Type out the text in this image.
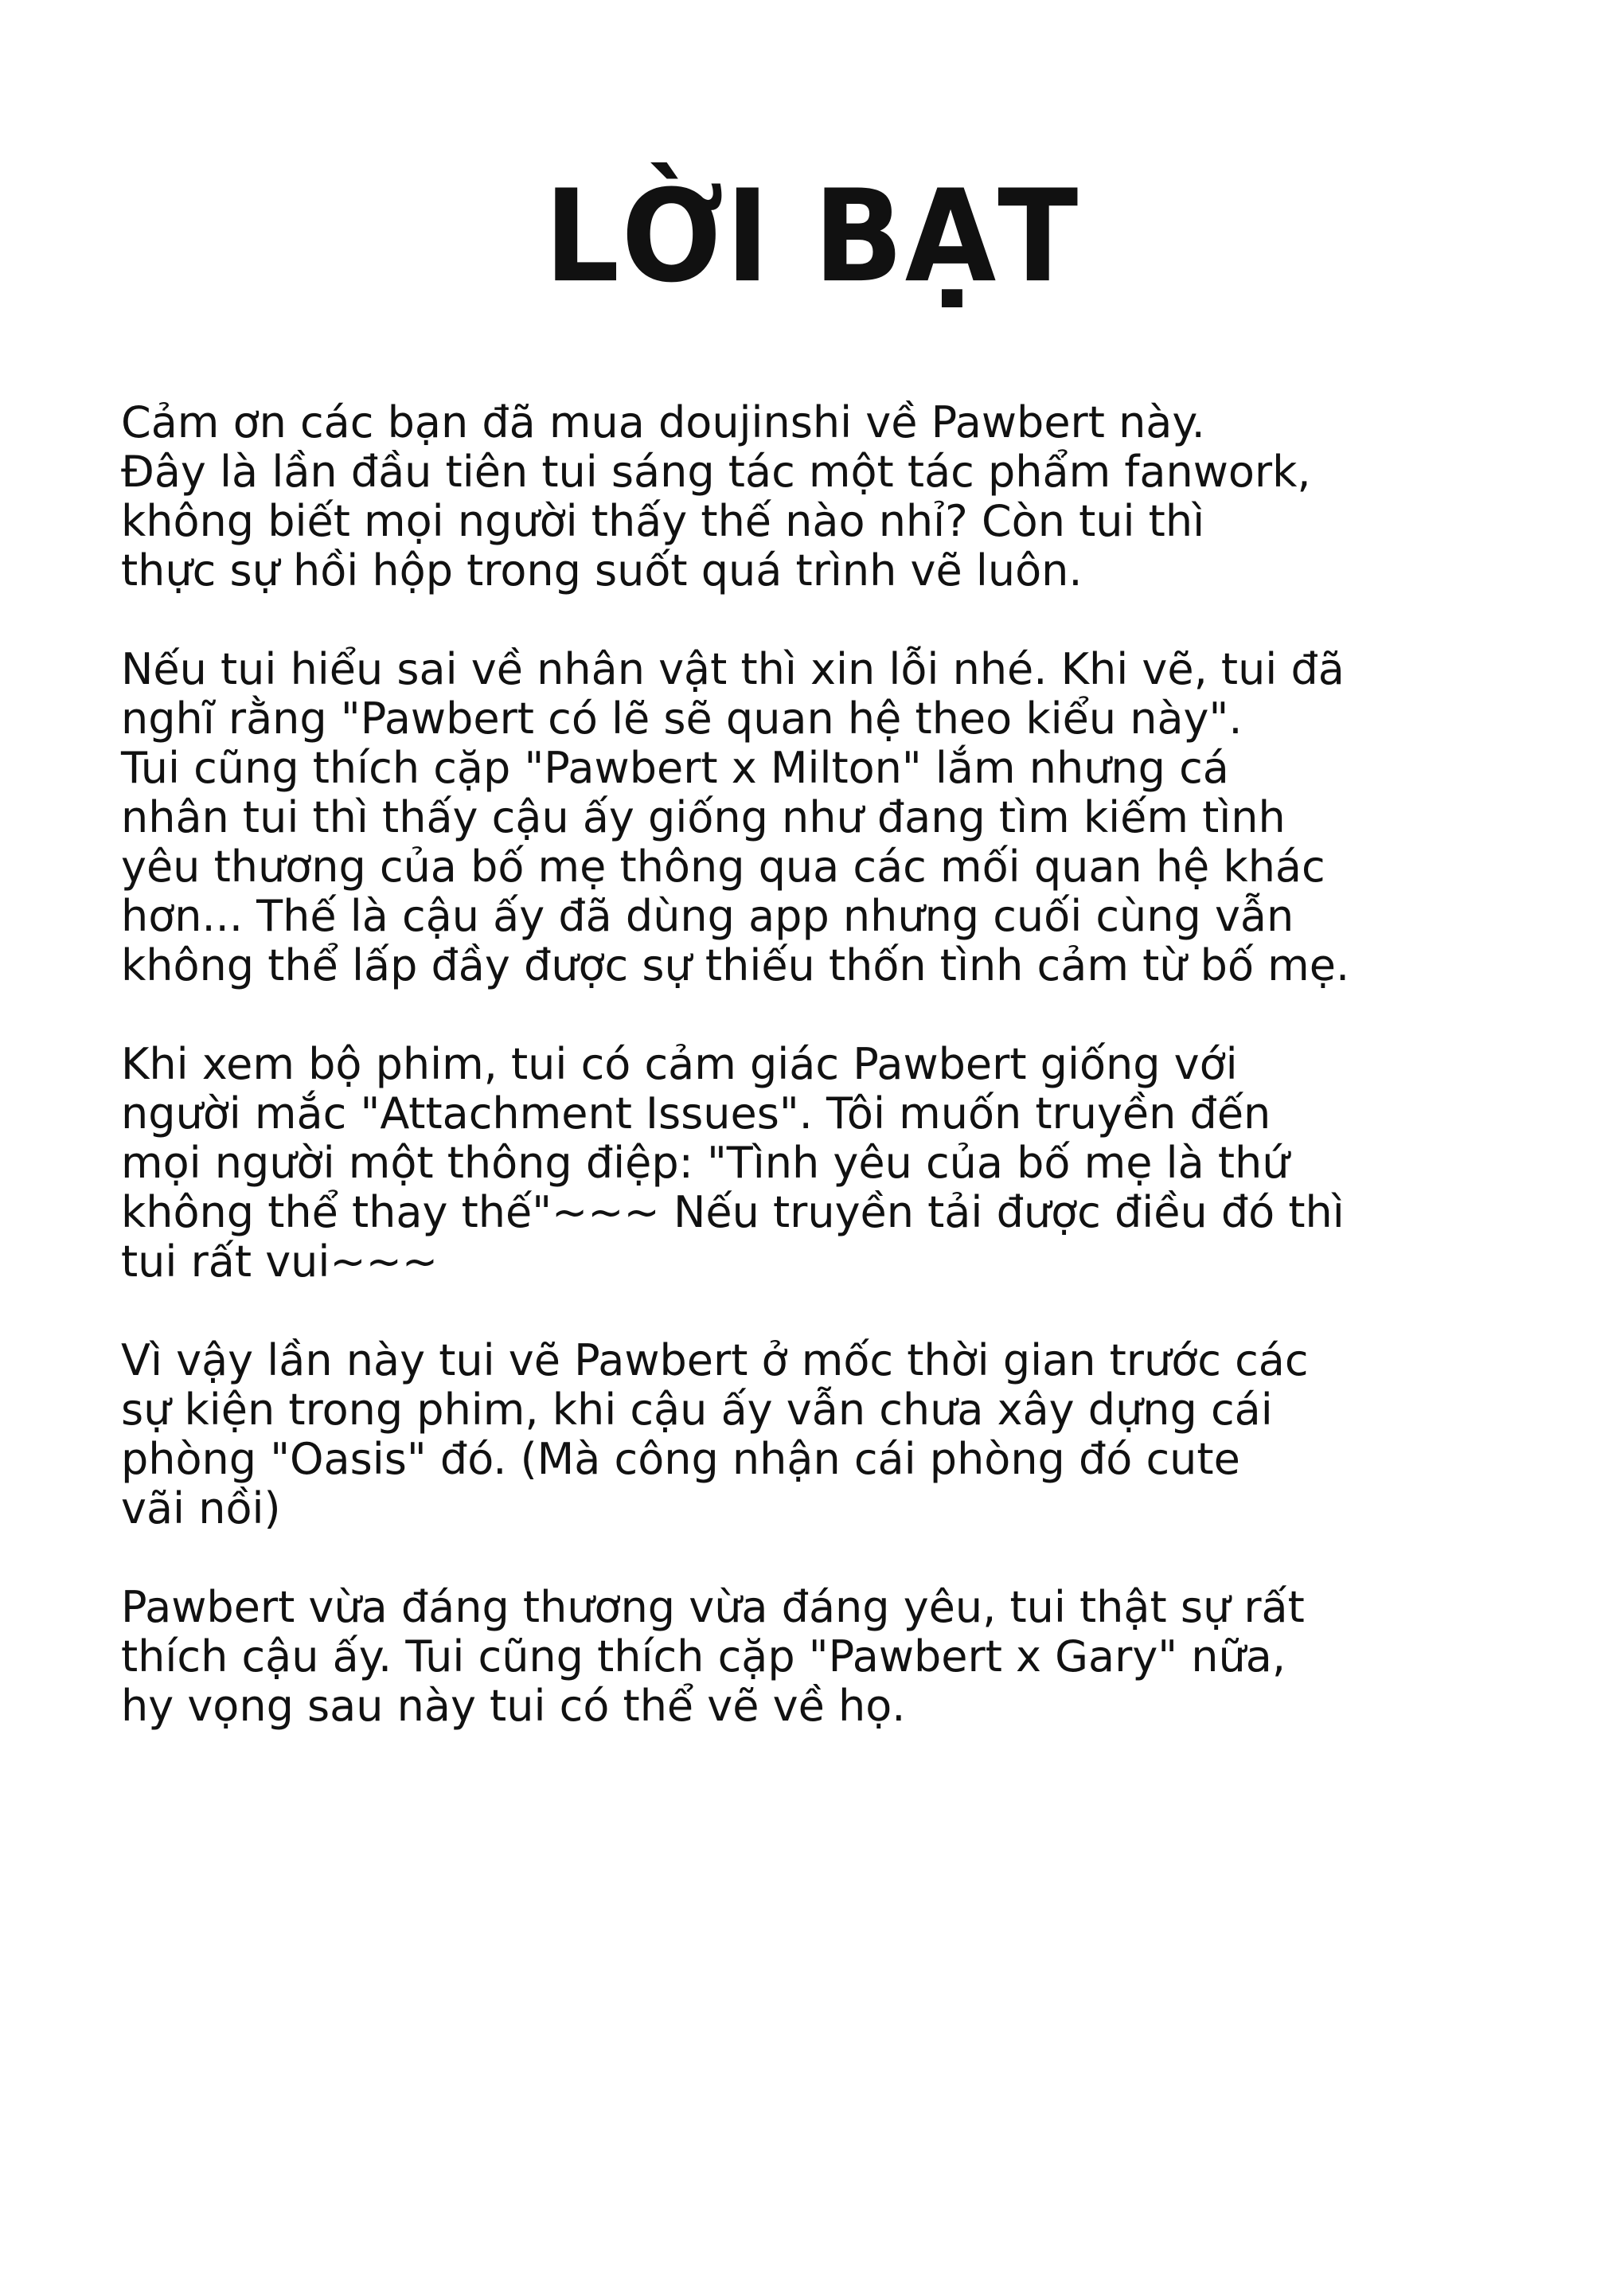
LỜI BẠT

Cảm ơn các bạn đã mua doujinshi về Pawbert này.
Đây là lần đầu tiên tui sáng tác một tác phẩm fanwork,
không biết mọi người thấy thế nào nhỉ? Còn tui thì
thực sự hồi hộp trong suốt quá trình vẽ luôn.

Nếu tui hiểu sai về nhân vật thì xin lỗi nhé. Khi vẽ, tui đã
nghĩ rằng "Pawbert có lẽ sẽ quan hệ theo kiểu này".
Tui cũng thích cặp "Pawbert x Milton" lắm nhưng cá
nhân tui thì thấy cậu ấy giống như đang tìm kiếm tình
yêu thương của bố mẹ thông qua các mối quan hệ khác
hơn... Thế là cậu ấy đã dùng app nhưng cuối cùng vẫn
không thể lấp đầy được sự thiếu thốn tình cảm từ bố mẹ.

Khi xem bộ phim, tui có cảm giác Pawbert giống với
người mắc "Attachment Issues". Tôi muốn truyền đến
mọi người một thông điệp: "Tình yêu của bố mẹ là thứ
không thể thay thế"~~~ Nếu truyền tải được điều đó thì
tui rất vui~~~

Vì vậy lần này tui vẽ Pawbert ở mốc thời gian trước các
sự kiện trong phim, khi cậu ấy vẫn chưa xây dựng cái
phòng "Oasis" đó. (Mà công nhận cái phòng đó cute
vãi nồi)

Pawbert vừa đáng thương vừa đáng yêu, tui thật sự rất
thích cậu ấy. Tui cũng thích cặp "Pawbert x Gary" nữa,
hy vọng sau này tui có thể vẽ về họ.
